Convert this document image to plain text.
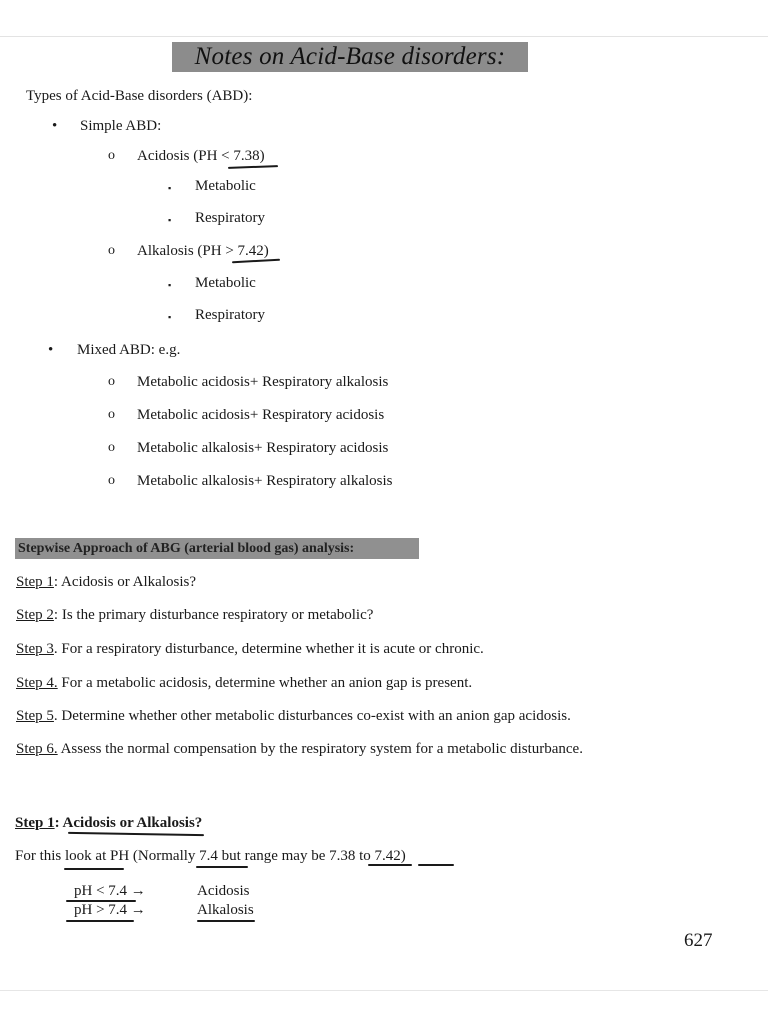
Notes on Acid-Base disorders:
Types of Acid-Base disorders (ABD):
• Simple ABD:
o Acidosis (PH < 7.38)
▪ Metabolic
▪ Respiratory
o Alkalosis (PH > 7.42)
▪ Metabolic
▪ Respiratory
• Mixed ABD: e.g.
o Metabolic acidosis+ Respiratory alkalosis
o Metabolic acidosis+ Respiratory acidosis
o Metabolic alkalosis+ Respiratory acidosis
o Metabolic alkalosis+ Respiratory alkalosis
Stepwise Approach of ABG (arterial blood gas) analysis:
Step 1: Acidosis or Alkalosis?
Step 2: Is the primary disturbance respiratory or metabolic?
Step 3. For a respiratory disturbance, determine whether it is acute or chronic.
Step 4. For a metabolic acidosis, determine whether an anion gap is present.
Step 5. Determine whether other metabolic disturbances co-exist with an anion gap acidosis.
Step 6. Assess the normal compensation by the respiratory system for a metabolic disturbance.
Step 1: Acidosis or Alkalosis?
For this look at PH (Normally 7.4 but range may be 7.38 to 7.42)
pH < 7.4 →	Acidosis
pH > 7.4 →	Alkalosis
627
